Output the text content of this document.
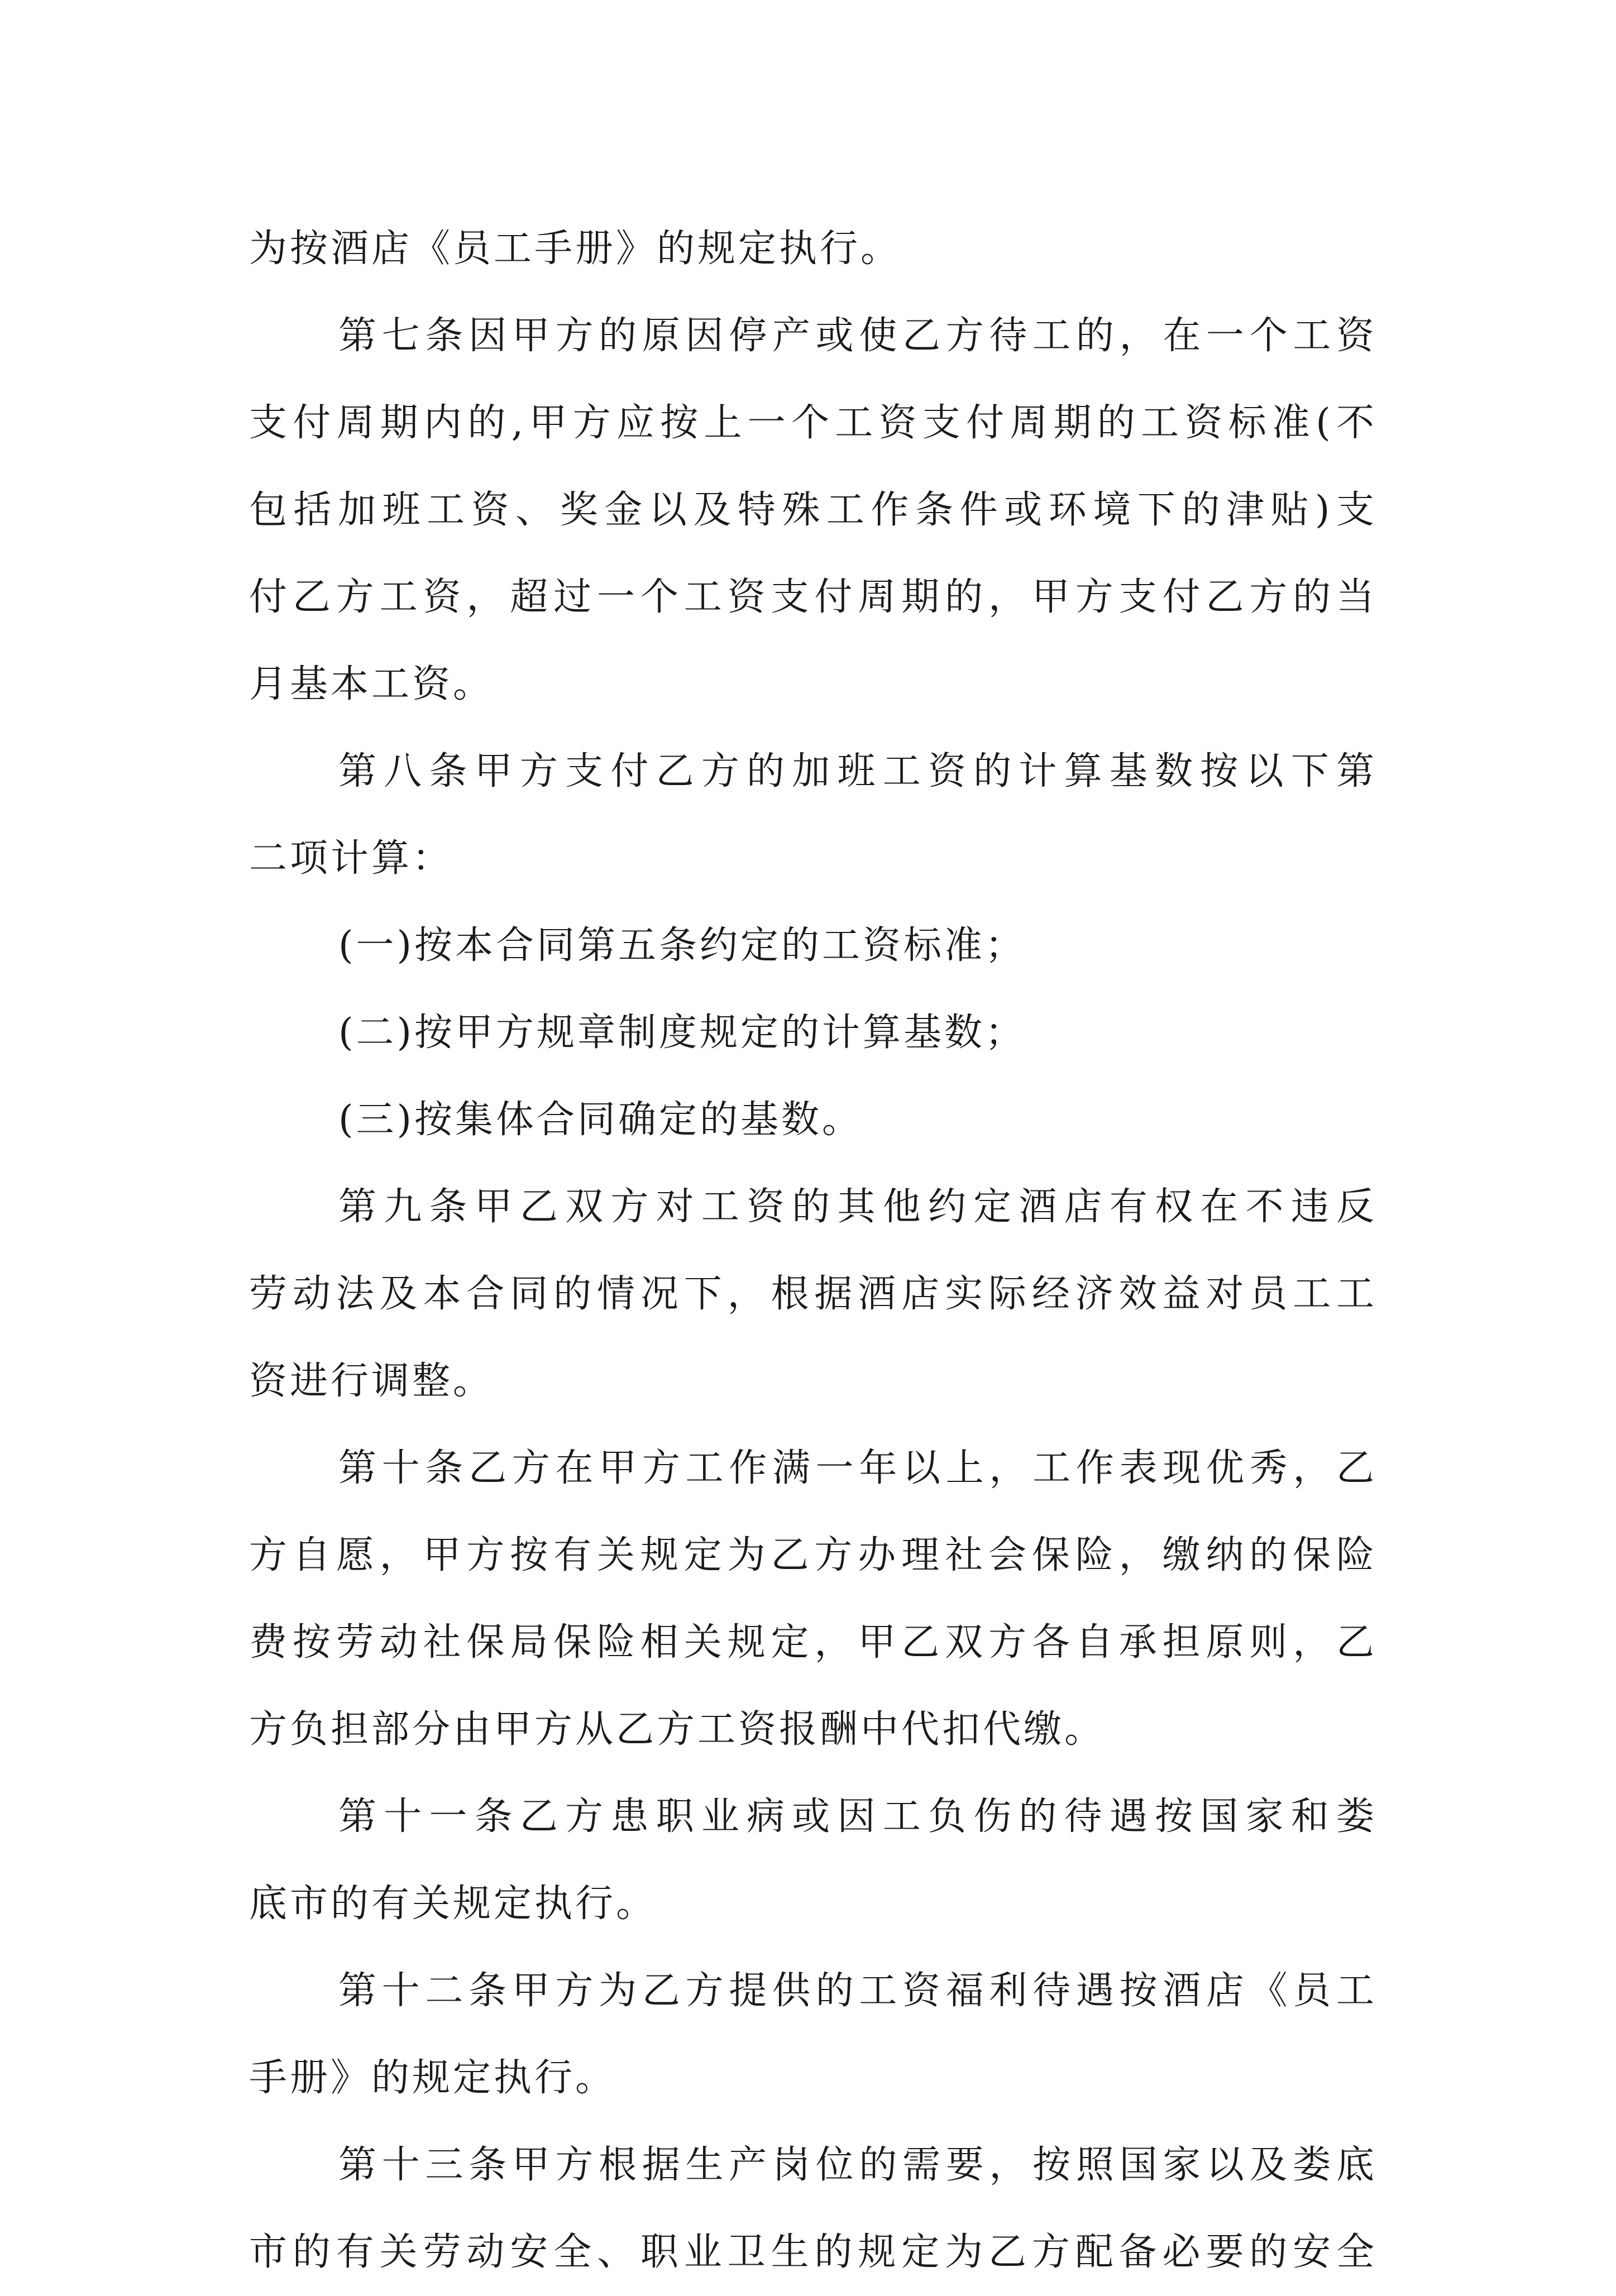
为按酒店《员工手册》的规定执行。
第七条因甲方的原因停产或使乙方待工的，在一个工资
支付周期内的,甲方应按上一个工资支付周期的工资标准(不
包括加班工资、奖金以及特殊工作条件或环境下的津贴)支
付乙方工资，超过一个工资支付周期的，甲方支付乙方的当
月基本工资。
第八条甲方支付乙方的加班工资的计算基数按以下第
二项计算：
(一)按本合同第五条约定的工资标准；
(二)按甲方规章制度规定的计算基数；
(三)按集体合同确定的基数。
第九条甲乙双方对工资的其他约定酒店有权在不违反
劳动法及本合同的情况下，根据酒店实际经济效益对员工工
资进行调整。
第十条乙方在甲方工作满一年以上，工作表现优秀，乙
方自愿，甲方按有关规定为乙方办理社会保险，缴纳的保险
费按劳动社保局保险相关规定，甲乙双方各自承担原则，乙
方负担部分由甲方从乙方工资报酬中代扣代缴。
第十一条乙方患职业病或因工负伤的待遇按国家和娄
底市的有关规定执行。
第十二条甲方为乙方提供的工资福利待遇按酒店《员工
手册》的规定执行。
第十三条甲方根据生产岗位的需要，按照国家以及娄底
市的有关劳动安全、职业卫生的规定为乙方配备必要的安全
